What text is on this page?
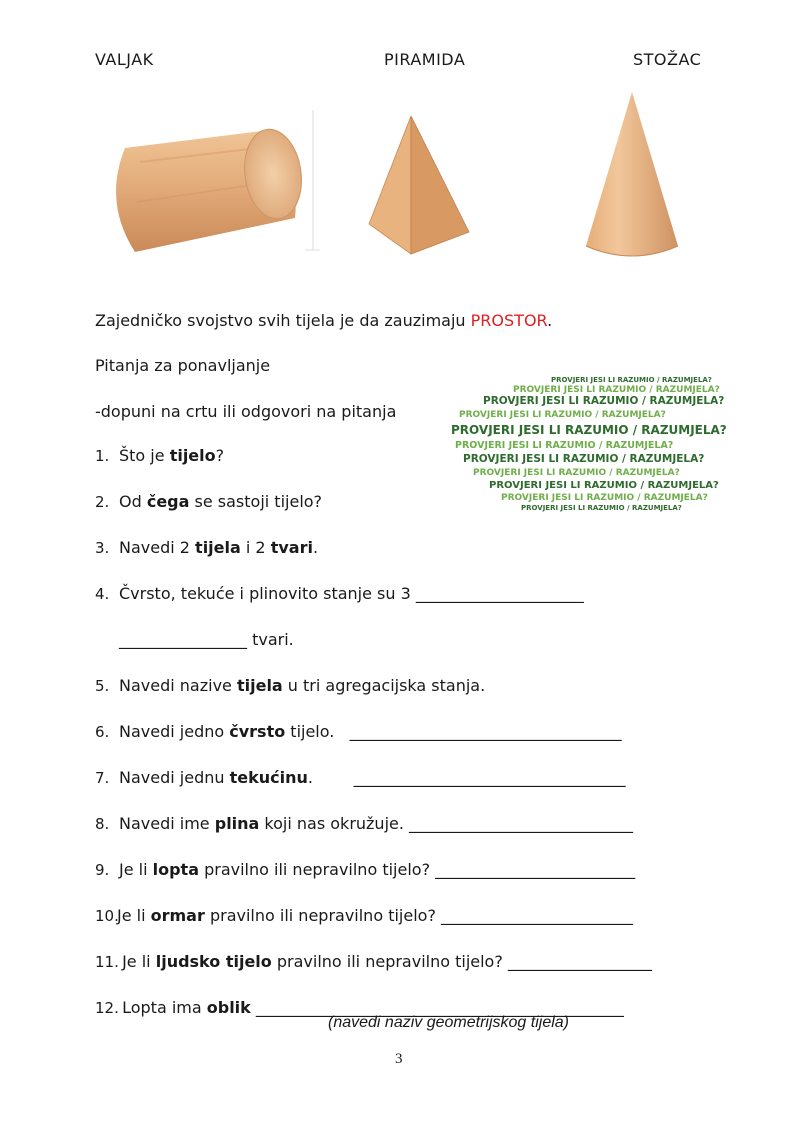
VALJAK	PIRAMIDA	STOŽAC
Zajedničko svojstvo svih tijela je da zauzimaju PROSTOR.
Pitanja za ponavljanje
-dopuni na crtu ili odgovori na pitanja
PROVJERI JESI LI RAZUMIO / RAZUMJELA?
PROVJERI JESI LI RAZUMIO / RAZUMJELA?
PROVJERI JESI LI RAZUMIO / RAZUMJELA?
PROVJERI JESI LI RAZUMIO / RAZUMJELA?
PROVJERI JESI LI RAZUMIO / RAZUMJELA?
PROVJERI JESI LI RAZUMIO / RAZUMJELA?
PROVJERI JESI LI RAZUMIO / RAZUMJELA?
PROVJERI JESI LI RAZUMIO / RAZUMJELA?
PROVJERI JESI LI RAZUMIO / RAZUMJELA?
PROVJERI JESI LI RAZUMIO / RAZUMJELA?
PROVJERI JESI LI RAZUMIO / RAZUMJELA?
1. Što je tijelo?
2. Od čega se sastoji tijelo?
3. Navedi 2 tijela i 2 tvari.
4. Čvrsto, tekuće i plinovito stanje su 3 _____________________
________________ tvari.
5. Navedi nazive tijela u tri agregacijska stanja.
6. Navedi jedno čvrsto tijelo.   __________________________________
7. Navedi jednu tekućinu.        __________________________________
8. Navedi ime plina koji nas okružuje. ____________________________
9. Je li lopta pravilno ili nepravilno tijelo? _________________________
10.Je li ormar pravilno ili nepravilno tijelo? ________________________
11. Je li ljudsko tijelo pravilno ili nepravilno tijelo? __________________
12. Lopta ima oblik ______________________________________________
(navedi naziv geometrijskog tijela)
3
